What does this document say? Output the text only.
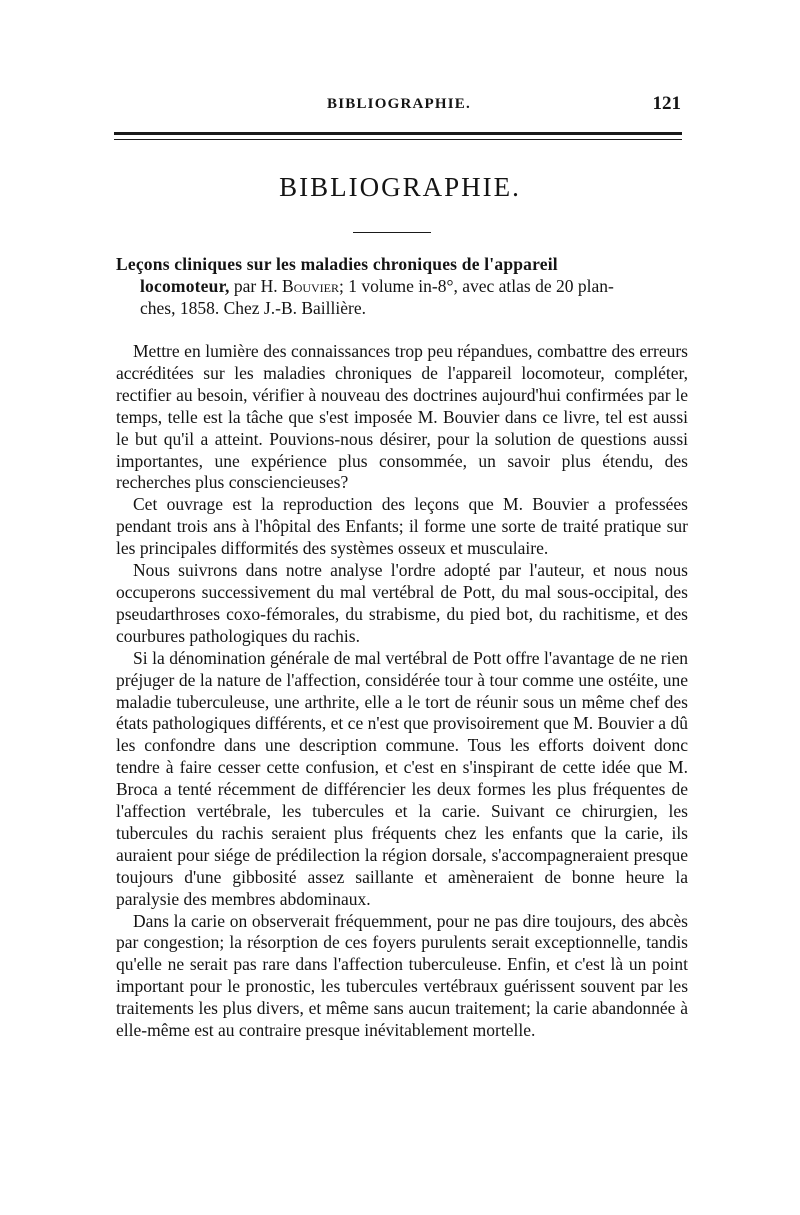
BIBLIOGRAPHIE.	121
BIBLIOGRAPHIE.
Leçons cliniques sur les maladies chroniques de l'appareil
locomoteur, par H. Bouvier; 1 volume in-8°, avec atlas de 20 plan-
ches, 1858. Chez J.-B. Baillière.

Mettre en lumière des connaissances trop peu répandues, combattre des erreurs accréditées sur les maladies chroniques de l'appareil locomoteur, compléter, rectifier au besoin, vérifier à nouveau des doctrines aujourd'hui confirmées par le temps, telle est la tâche que s'est imposée M. Bouvier dans ce livre, tel est aussi le but qu'il a atteint. Pouvions-nous désirer, pour la solution de questions aussi importantes, une expérience plus consommée, un savoir plus étendu, des recherches plus consciencieuses?

Cet ouvrage est la reproduction des leçons que M. Bouvier a professées pendant trois ans à l'hôpital des Enfants; il forme une sorte de traité pratique sur les principales difformités des systèmes osseux et musculaire.

Nous suivrons dans notre analyse l'ordre adopté par l'auteur, et nous nous occuperons successivement du mal vertébral de Pott, du mal sous-occipital, des pseudarthroses coxo-fémorales, du strabisme, du pied bot, du rachitisme, et des courbures pathologiques du rachis.

Si la dénomination générale de mal vertébral de Pott offre l'avantage de ne rien préjuger de la nature de l'affection, considérée tour à tour comme une ostéite, une maladie tuberculeuse, une arthrite, elle a le tort de réunir sous un même chef des états pathologiques différents, et ce n'est que provisoirement que M. Bouvier a dû les confondre dans une description commune. Tous les efforts doivent donc tendre à faire cesser cette confusion, et c'est en s'inspirant de cette idée que M. Broca a tenté récemment de différencier les deux formes les plus fréquentes de l'affection vertébrale, les tubercules et la carie. Suivant ce chirurgien, les tubercules du rachis seraient plus fréquents chez les enfants que la carie, ils auraient pour siége de prédilection la région dorsale, s'accompagneraient presque toujours d'une gibbosité assez saillante et amèneraient de bonne heure la paralysie des membres abdominaux.

Dans la carie on observerait fréquemment, pour ne pas dire toujours, des abcès par congestion; la résorption de ces foyers purulents serait exceptionnelle, tandis qu'elle ne serait pas rare dans l'affection tuberculeuse. Enfin, et c'est là un point important pour le pronostic, les tubercules vertébraux guérissent souvent par les traitements les plus divers, et même sans aucun traitement; la carie abandonnée à elle-même est au contraire presque inévitablement mortelle.
